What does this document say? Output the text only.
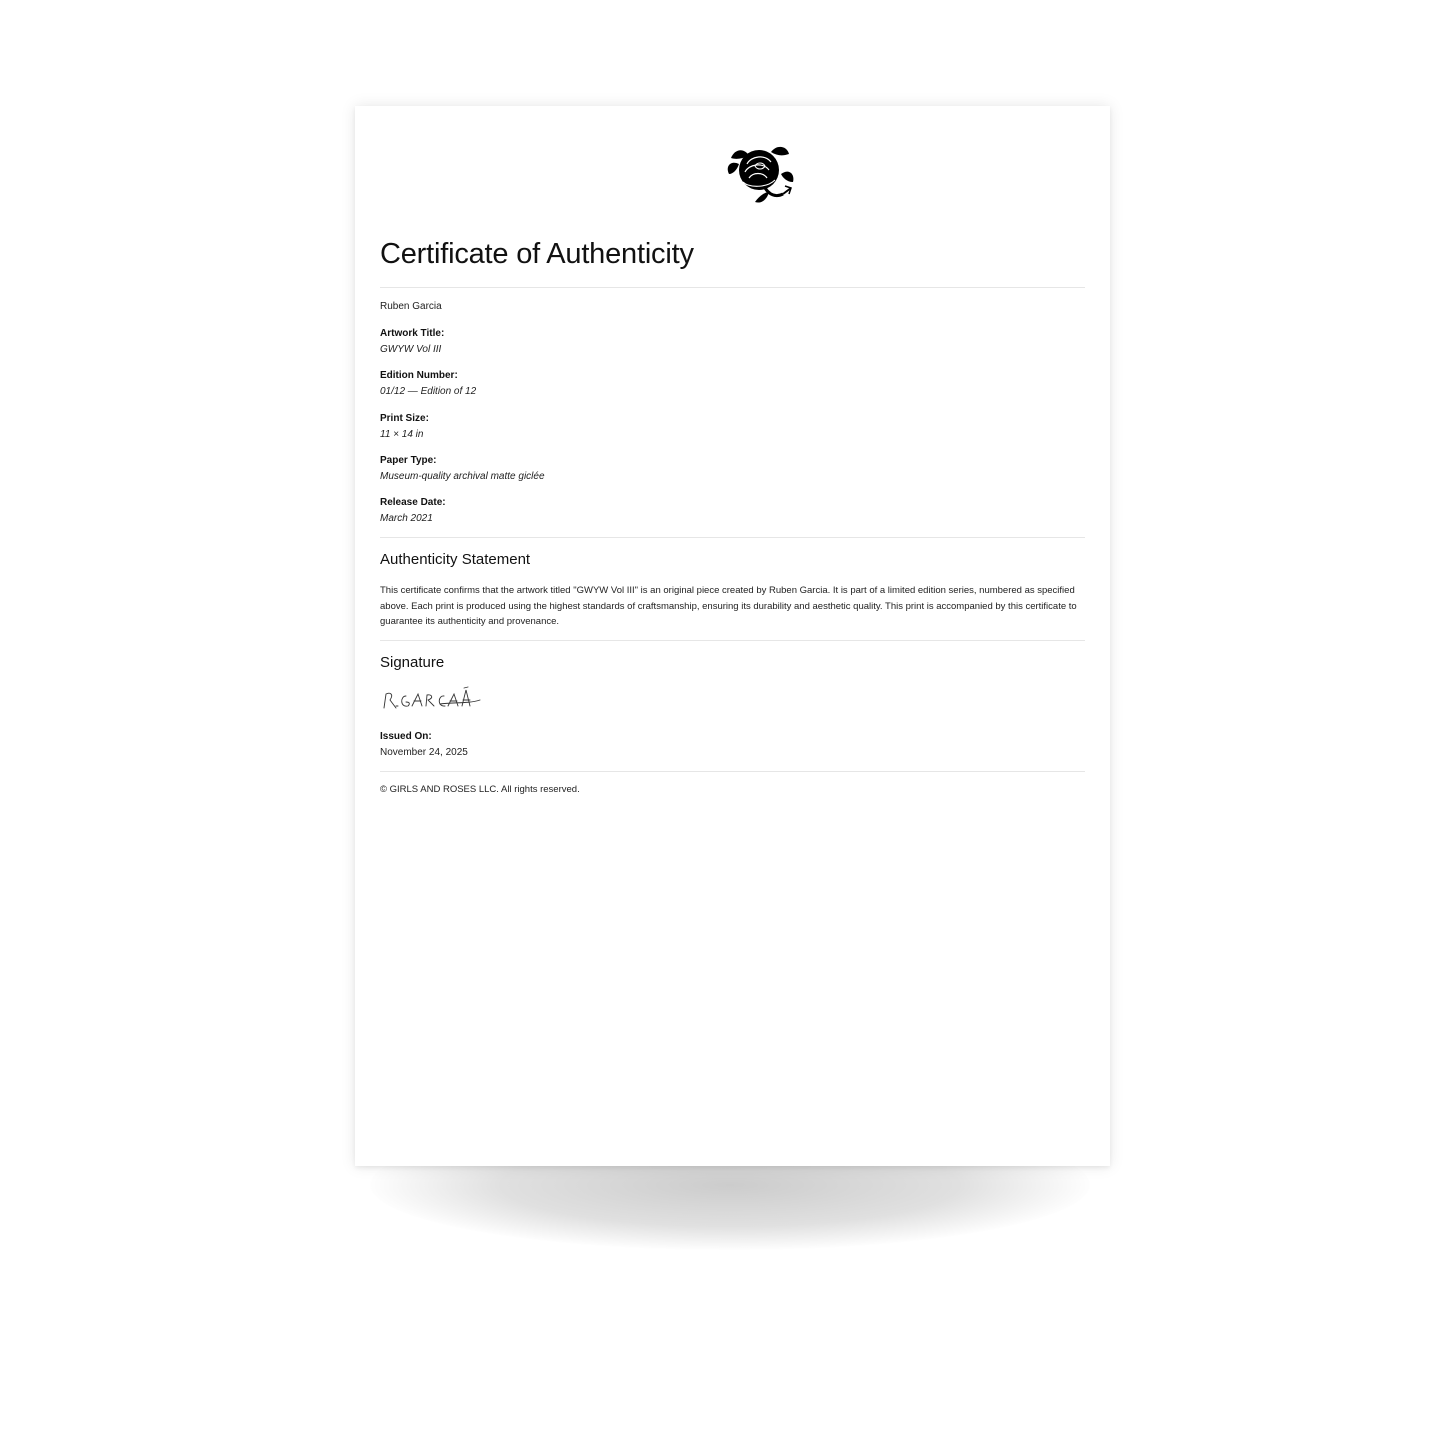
Certificate of Authenticity
Ruben Garcia
Artwork Title:
GWYW Vol III
Edition Number:
01/12 — Edition of 12
Print Size:
11 × 14 in
Paper Type:
Museum-quality archival matte giclée
Release Date:
March 2021
Authenticity Statement

This certificate confirms that the artwork titled "GWYW Vol III" is an original piece created by Ruben Garcia. It is part of a limited edition series, numbered as specified above. Each print is produced using the highest standards of craftsmanship, ensuring its durability and aesthetic quality. This print is accompanied by this certificate to guarantee its authenticity and provenance.

Signature
Issued On:
November 24, 2025
© GIRLS AND ROSES LLC. All rights reserved.
